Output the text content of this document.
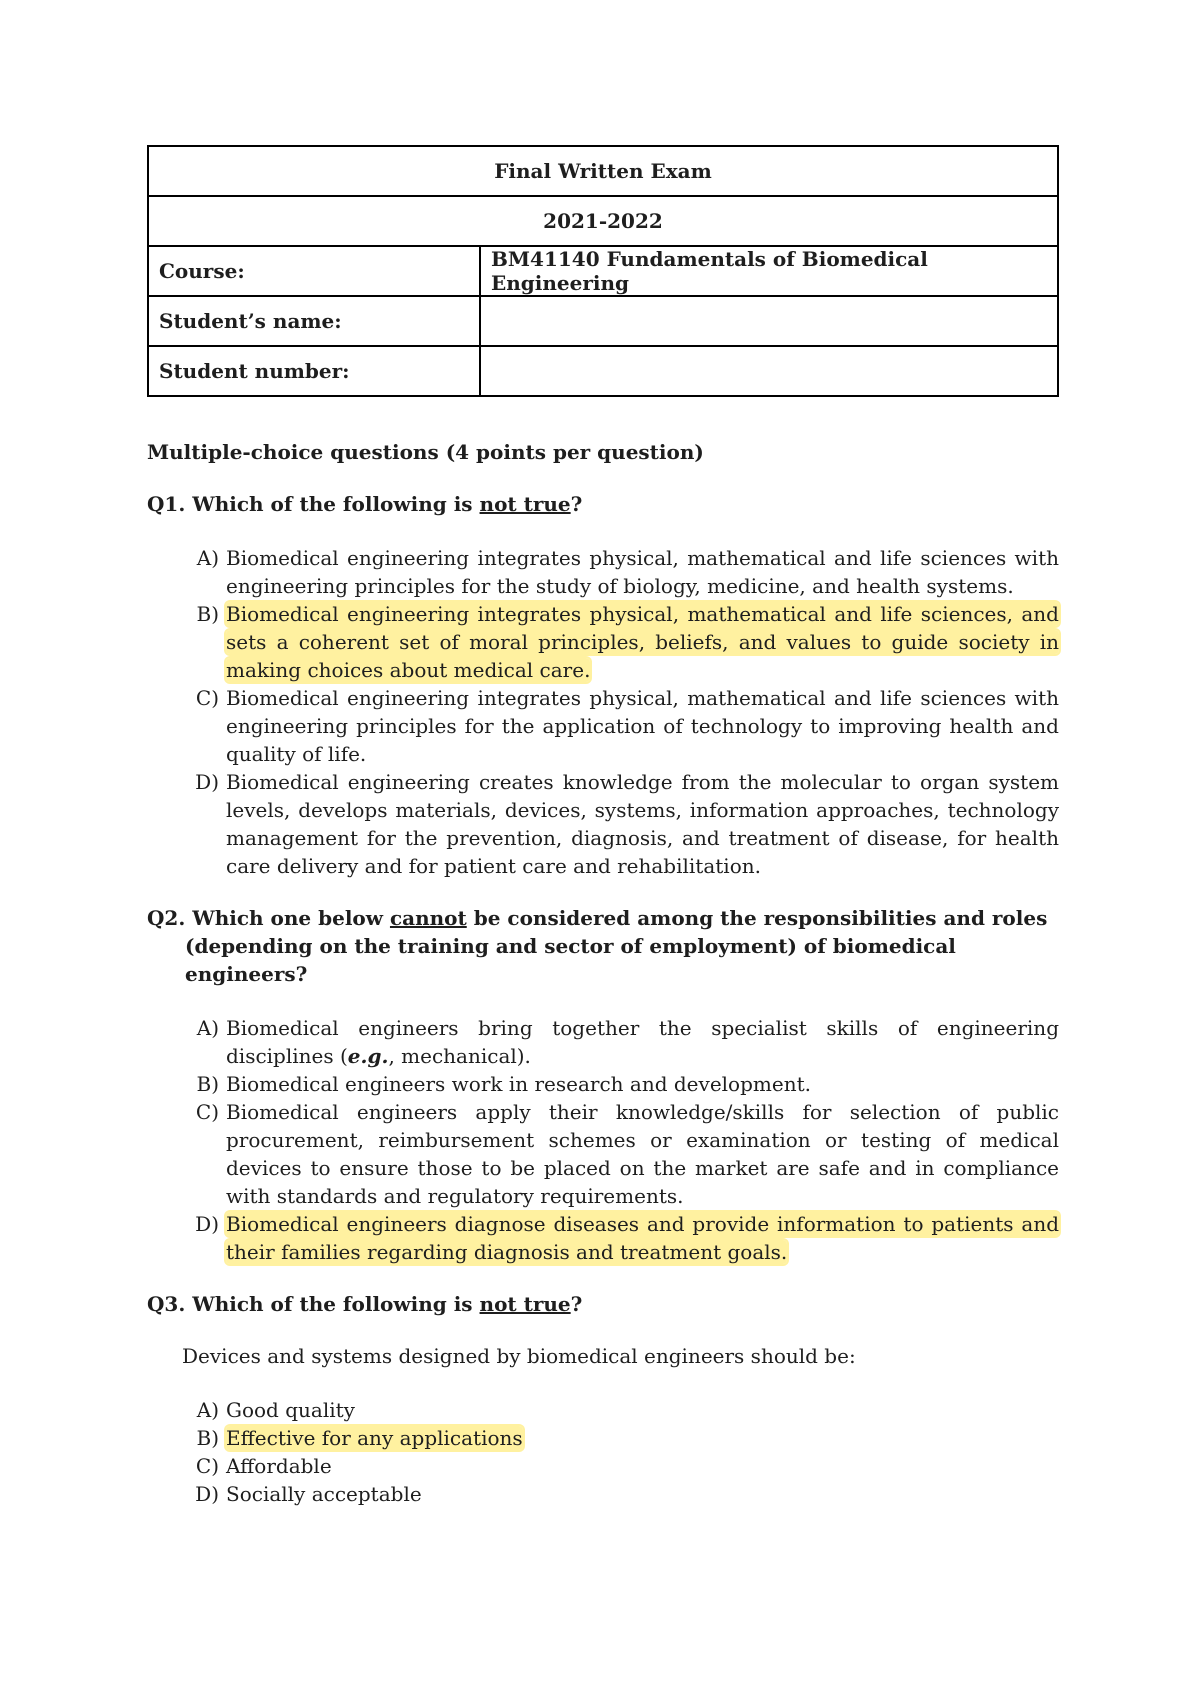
Final Written Exam	
2021-2022	
Course:	BM41140 Fundamentals of Biomedical Engineering
Student’s name:	
Student number:	

Multiple-choice questions (4 points per question)

Q1. Which of the following is not true?

A) Biomedical engineering integrates physical, mathematical and life sciences with engineering principles for the study of biology, medicine, and health systems.
B) Biomedical engineering integrates physical, mathematical and life sciences, and sets a coherent set of moral principles, beliefs, and values to guide society in making choices about medical care.
C) Biomedical engineering integrates physical, mathematical and life sciences with engineering principles for the application of technology to improving health and quality of life.
D) Biomedical engineering creates knowledge from the molecular to organ system levels, develops materials, devices, systems, information approaches, technology management for the prevention, diagnosis, and treatment of disease, for health care delivery and for patient care and rehabilitation.

Q2. Which one below cannot be considered among the responsibilities and roles (depending on the training and sector of employment) of biomedical engineers?

A) Biomedical engineers bring together the specialist skills of engineering disciplines (e.g., mechanical).
B) Biomedical engineers work in research and development.
C) Biomedical engineers apply their knowledge/skills for selection of public procurement, reimbursement schemes or examination or testing of medical devices to ensure those to be placed on the market are safe and in compliance with standards and regulatory requirements.
D) Biomedical engineers diagnose diseases and provide information to patients and their families regarding diagnosis and treatment goals.

Q3. Which of the following is not true?

Devices and systems designed by biomedical engineers should be:

A) Good quality
B) Effective for any applications
C) Affordable
D) Socially acceptable
